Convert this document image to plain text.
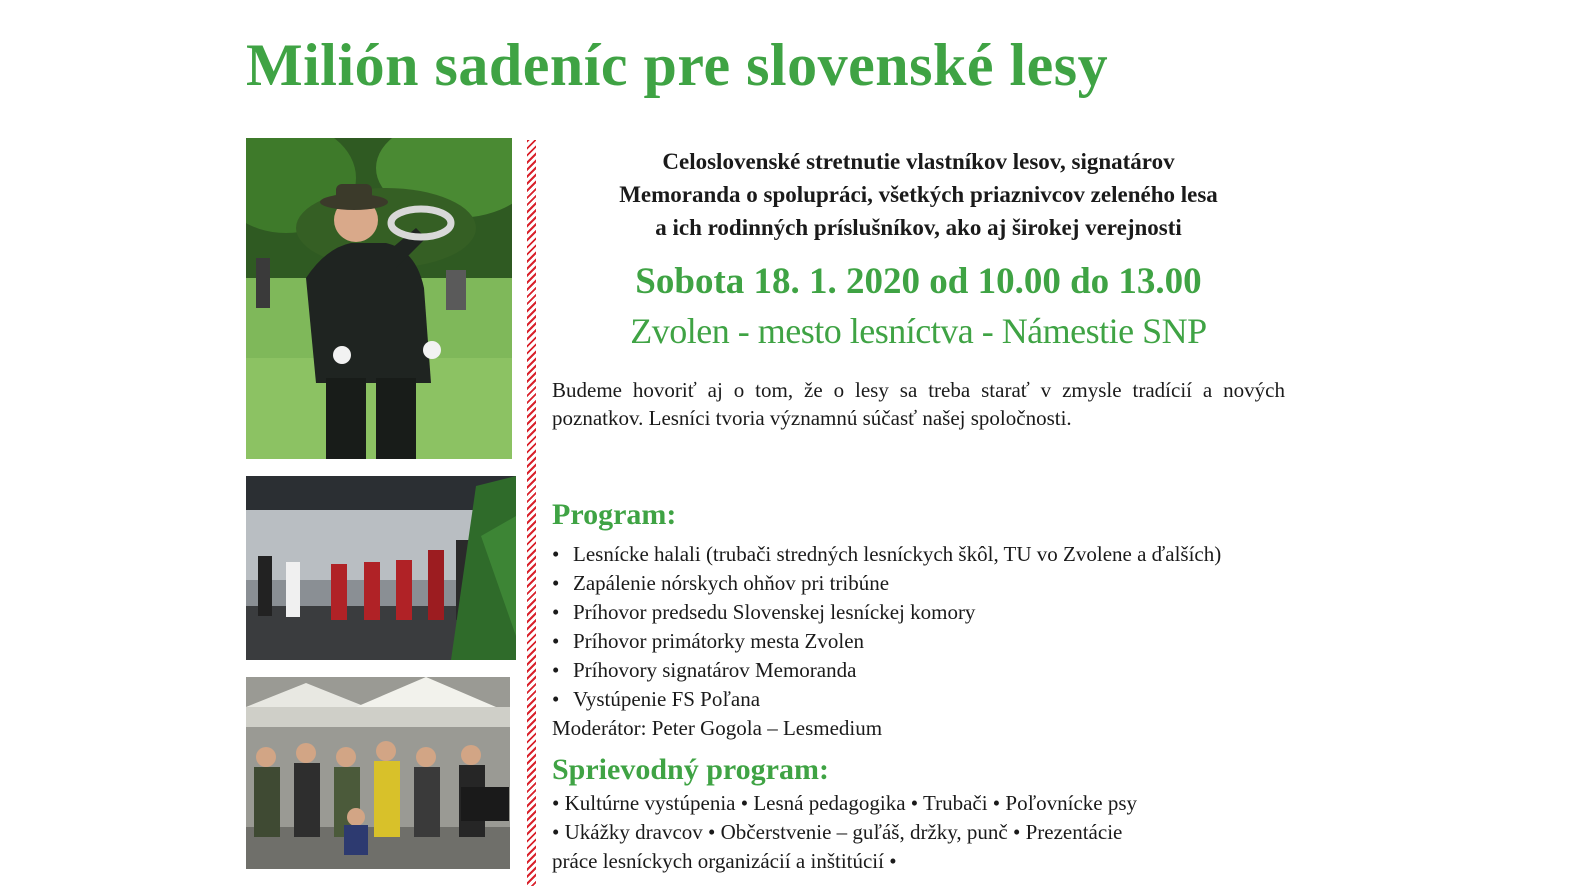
Milión sadeníc pre slovenské lesy
Celoslovenské stretnutie vlastníkov lesov, signatárov
Memoranda o spolupráci, všetkých priaznivcov zeleného lesa
a ich rodinných príslušníkov, ako aj širokej verejnosti
Sobota 18. 1. 2020 od 10.00 do 13.00
Zvolen - mesto lesníctva - Námestie SNP
Budeme hovoriť aj o tom, že o lesy sa treba starať v zmysle tradícií a nových poznatkov. Lesníci tvoria významnú súčasť našej spoločnosti.
Program:
• Lesnícke halali (trubači stredných lesníckych škôl, TU vo Zvolene a ďalších)
• Zapálenie nórskych ohňov pri tribúne
• Príhovor predsedu Slovenskej lesníckej komory
• Príhovor primátorky mesta Zvolen
• Príhovory signatárov Memoranda
• Vystúpenie FS Poľana
Moderátor: Peter Gogola – Lesmedium
Sprievodný program:
• Kultúrne vystúpenia • Lesná pedagogika • Trubači • Poľovnícke psy
• Ukážky dravcov • Občerstvenie – guľáš, držky, punč • Prezentácie
práce lesníckych organizácií a inštitúcií •
